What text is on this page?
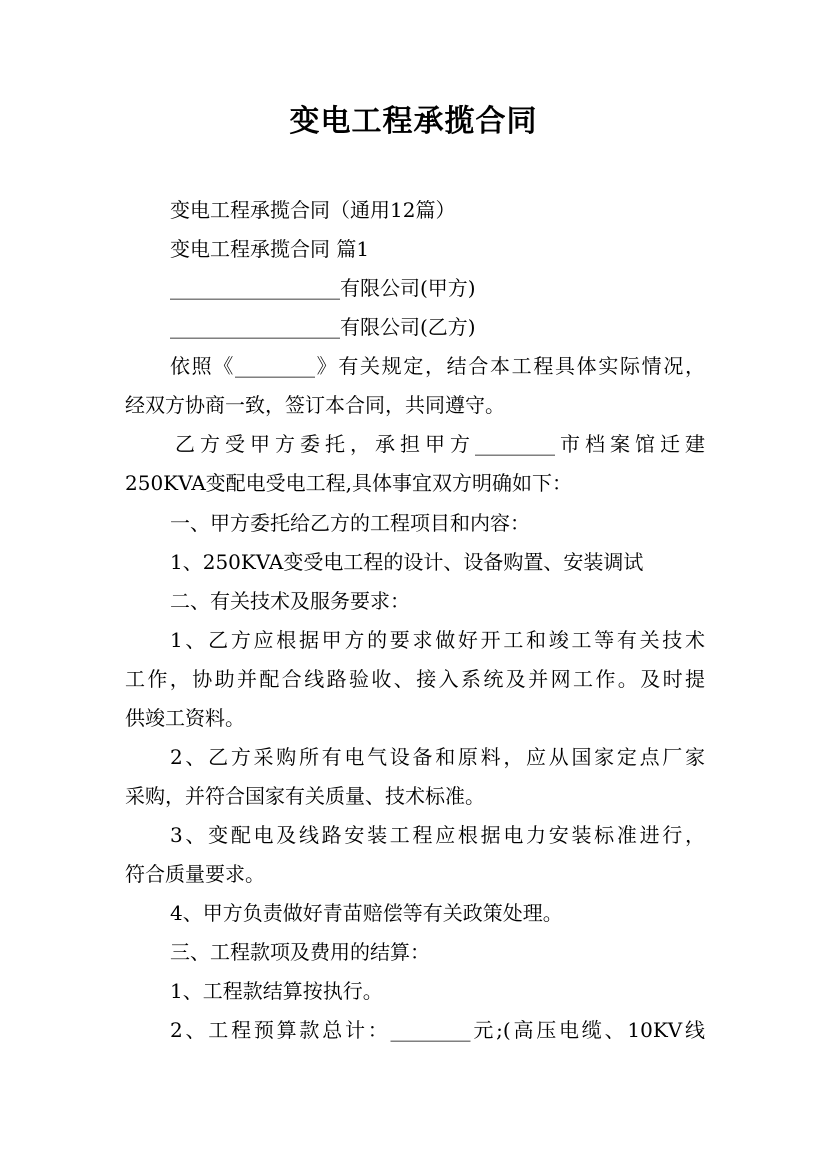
变电工程承揽合同
变电工程承揽合同（通用12篇）
变电工程承揽合同 篇1
_________________有限公司(甲方)
_________________有限公司(乙方)
依照《________》有关规定，结合本工程具体实际情况，
经双方协商一致，签订本合同，共同遵守。
乙方受甲方委托，承担甲方________市档案馆迁建
250KVA变配电受电工程,具体事宜双方明确如下：
一、甲方委托给乙方的工程项目和内容：
1、250KVA变受电工程的设计、设备购置、安装调试
二、有关技术及服务要求：
1、乙方应根据甲方的要求做好开工和竣工等有关技术
工作，协助并配合线路验收、接入系统及并网工作。及时提
供竣工资料。
2、乙方采购所有电气设备和原料，应从国家定点厂家
采购，并符合国家有关质量、技术标准。
3、变配电及线路安装工程应根据电力安装标准进行，
符合质量要求。
4、甲方负责做好青苗赔偿等有关政策处理。
三、工程款项及费用的结算：
1、工程款结算按执行。
2、工程预算款总计：________元;(高压电缆、10KV线
